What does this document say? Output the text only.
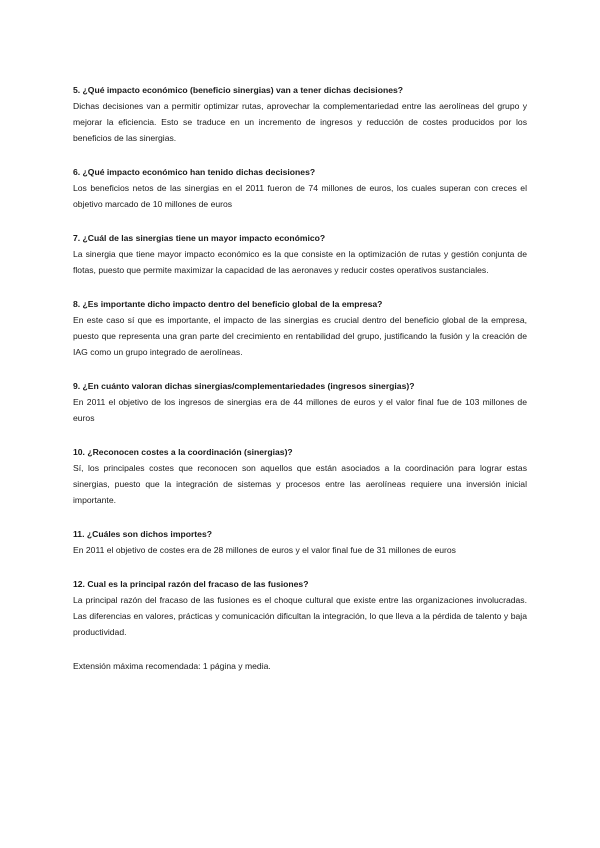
5. ¿Qué impacto económico (beneficio sinergias) van a tener dichas decisiones?

Dichas decisiones van a permitir optimizar rutas, aprovechar la complementariedad entre las aerolíneas del grupo y mejorar la eficiencia. Esto se traduce en un incremento de ingresos y reducción de costes producidos por los beneficios de las sinergias.

6. ¿Qué impacto económico han tenido dichas decisiones?

Los beneficios netos de las sinergias en el 2011 fueron de 74 millones de euros, los cuales superan con creces el objetivo marcado de 10 millones de euros

7. ¿Cuál de las sinergias tiene un mayor impacto económico?

La sinergia que tiene mayor impacto económico es la que consiste en la optimización de rutas y gestión conjunta de flotas, puesto que permite maximizar la capacidad de las aeronaves y reducir costes operativos sustanciales.

8. ¿Es importante dicho impacto dentro del beneficio global de la empresa?

En este caso sí que es importante, el impacto de las sinergias es crucial dentro del beneficio global de la empresa, puesto que representa una gran parte del crecimiento en rentabilidad del grupo, justificando la fusión y la creación de IAG como un grupo integrado de aerolíneas.

9. ¿En cuánto valoran dichas sinergias/complementariedades (ingresos sinergias)?

En 2011 el objetivo de los ingresos de sinergias era de 44 millones de euros y el valor final fue de 103 millones de euros

10. ¿Reconocen costes a la coordinación (sinergias)?

Sí, los principales costes que reconocen son aquellos que están asociados a la coordinación para lograr estas sinergias, puesto que la integración de sistemas y procesos entre las aerolíneas requiere una inversión inicial importante.

11. ¿Cuáles son dichos importes?

En 2011 el objetivo de costes era de 28 millones de euros y el valor final fue de 31 millones de euros

12. Cual es la principal razón del fracaso de las fusiones?

La principal razón del fracaso de las fusiones es el choque cultural que existe entre las organizaciones involucradas. Las diferencias en valores, prácticas y comunicación dificultan la integración, lo que lleva a la pérdida de talento y baja productividad.

Extensión máxima recomendada: 1 página y media.
